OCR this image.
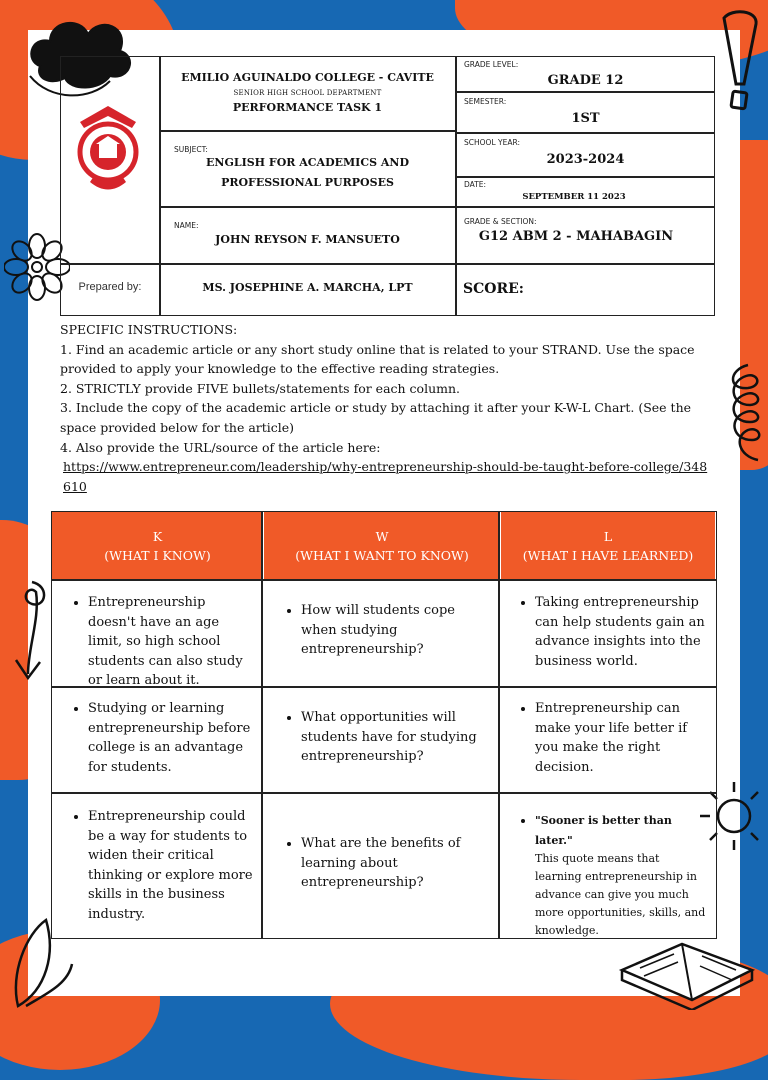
EMILIO AGUINALDO COLLEGE - CAVITE
SENIOR HIGH SCHOOL DEPARTMENT
PERFORMANCE TASK 1
SUBJECT:
ENGLISH FOR ACADEMICS AND
PROFESSIONAL PURPOSES
NAME:
JOHN REYSON F. MANSUETO
Prepared by:	MS. JOSEPHINE A. MARCHA, LPT
GRADE LEVEL:
GRADE 12
SEMESTER:
1ST
SCHOOL YEAR:
2023-2024
DATE:
SEPTEMBER 11 2023
GRADE & SECTION:
G12 ABM 2 - MAHABAGIN
SCORE:

SPECIFIC INSTRUCTIONS:

1. Find an academic article or any short study online that is related to your STRAND. Use the space provided to apply your knowledge to the effective reading strategies.

2. STRICTLY provide FIVE bullets/statements for each column.

3. Include the copy of the academic article or study by attaching it after your K-W-L Chart. (See the space provided below for the article)

4. Also provide the URL/source of the article here:

https://www.entrepreneur.com/leadership/why-entrepreneurship-should-be-taught-before-college/348610

K
(WHAT I KNOW)
W
(WHAT I WANT TO KNOW)
L
(WHAT I HAVE LEARNED)
• Entrepreneurship doesn't have an age limit, so high school students can also study or learn about it.
• How will students cope when studying entrepreneurship?
• Taking entrepreneurship can help students gain an advance insights into the business world.
• Studying or learning entrepreneurship before college is an advantage for students.
• What opportunities will students have for studying entrepreneurship?
• Entrepreneurship can make your life better if you make the right decision.
• Entrepreneurship could be a way for students to widen their critical thinking or explore more skills in the business industry.
• What are the benefits of learning about entrepreneurship?
• "Sooner is better than later."
This quote means that learning entrepreneurship in advance can give you much more opportunities, skills, and knowledge.
